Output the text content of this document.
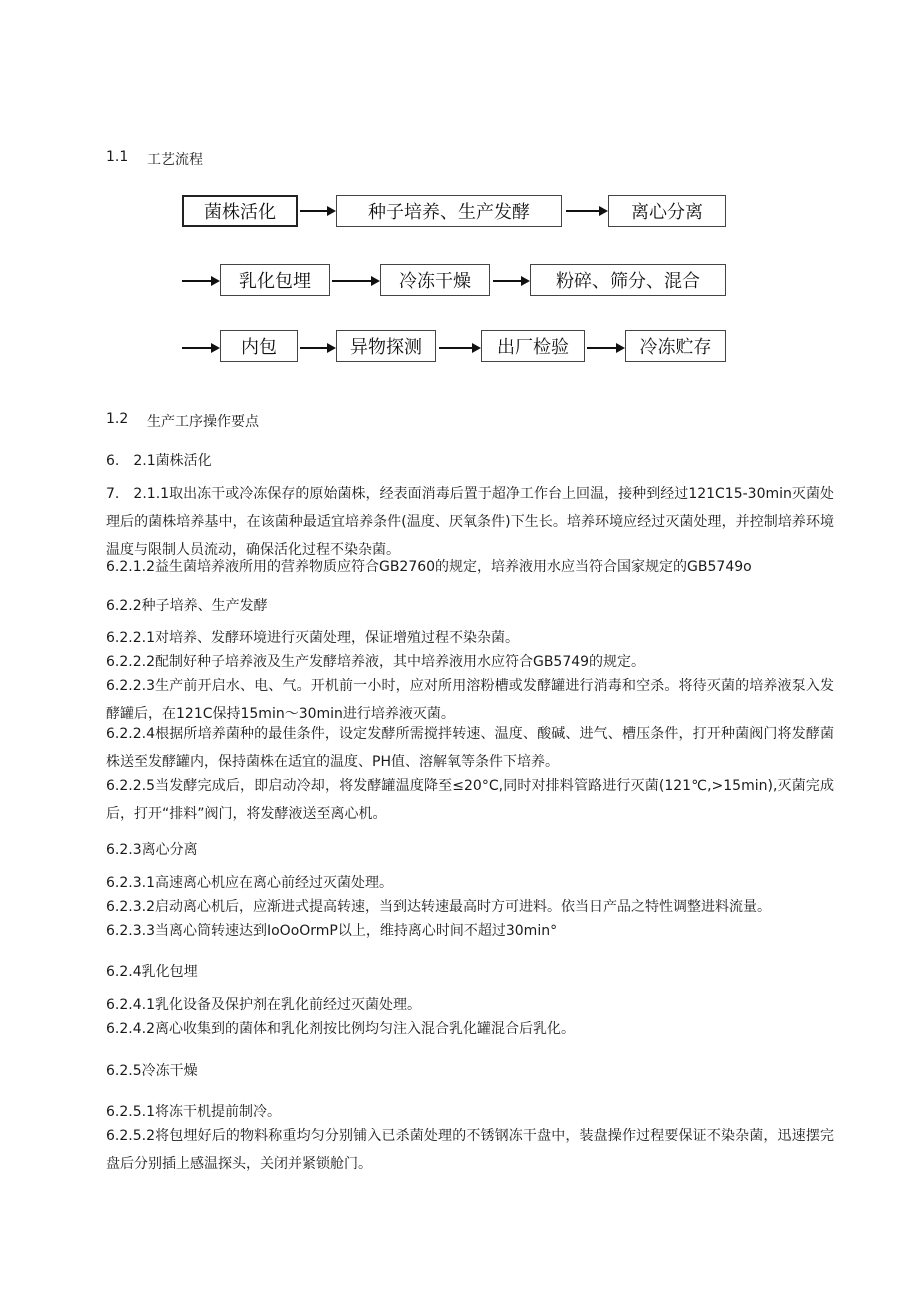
1.1 工艺流程
菌株活化	种子培养、生产发酵	离心分离
乳化包埋	冷冻干燥	粉碎、筛分、混合
内包	异物探测	出厂检验	冷冻贮存
1.2 生产工序操作要点
6.　2.1菌株活化
7.　2.1.1取出冻干或冷冻保存的原始菌株，经表面消毒后置于超净工作台上回温，接种到经过121C15-30min灭菌处理后的菌株培养基中，在该菌种最适宜培养条件(温度、厌氧条件)下生长。培养环境应经过灭菌处理，并控制培养环境温度与限制人员流动，确保活化过程不染杂菌。
6.2.1.2益生菌培养液所用的营养物质应符合GB2760的规定，培养液用水应当符合国家规定的GB5749o
6.2.2种子培养、生产发酵
6.2.2.1对培养、发酵环境进行灭菌处理，保证增殖过程不染杂菌。
6.2.2.2配制好种子培养液及生产发酵培养液，其中培养液用水应符合GB5749的规定。
6.2.2.3生产前开启水、电、气。开机前一小时，应对所用溶粉槽或发酵罐进行消毒和空杀。将待灭菌的培养液泵入发酵罐后，在121C保持15min〜30min进行培养液灭菌。
6.2.2.4根据所培养菌种的最佳条件，设定发酵所需搅拌转速、温度、酸碱、进气、槽压条件，打开种菌阀门将发酵菌株送至发酵罐内，保持菌株在适宜的温度、PH值、溶解氧等条件下培养。
6.2.2.5当发酵完成后，即启动冷却，将发酵罐温度降至≤20°C,同时对排料管路进行灭菌(121℃,>15min),灭菌完成后，打开“排料”阀门，将发酵液送至离心机。
6.2.3离心分离
6.2.3.1高速离心机应在离心前经过灭菌处理。
6.2.3.2启动离心机后，应渐进式提高转速，当到达转速最高时方可进料。依当日产品之特性调整进料流量。
6.2.3.3当离心筒转速达到IoOoOrmP以上，维持离心时间不超过30min°
6.2.4乳化包埋
6.2.4.1乳化设备及保护剂在乳化前经过灭菌处理。
6.2.4.2离心收集到的菌体和乳化剂按比例均匀注入混合乳化罐混合后乳化。
6.2.5冷冻干燥
6.2.5.1将冻干机提前制冷。
6.2.5.2将包埋好后的物料称重均匀分别铺入已杀菌处理的不锈钢冻干盘中，装盘操作过程要保证不染杂菌，迅速摆完盘后分别插上感温探头，关闭并紧锁舱门。
